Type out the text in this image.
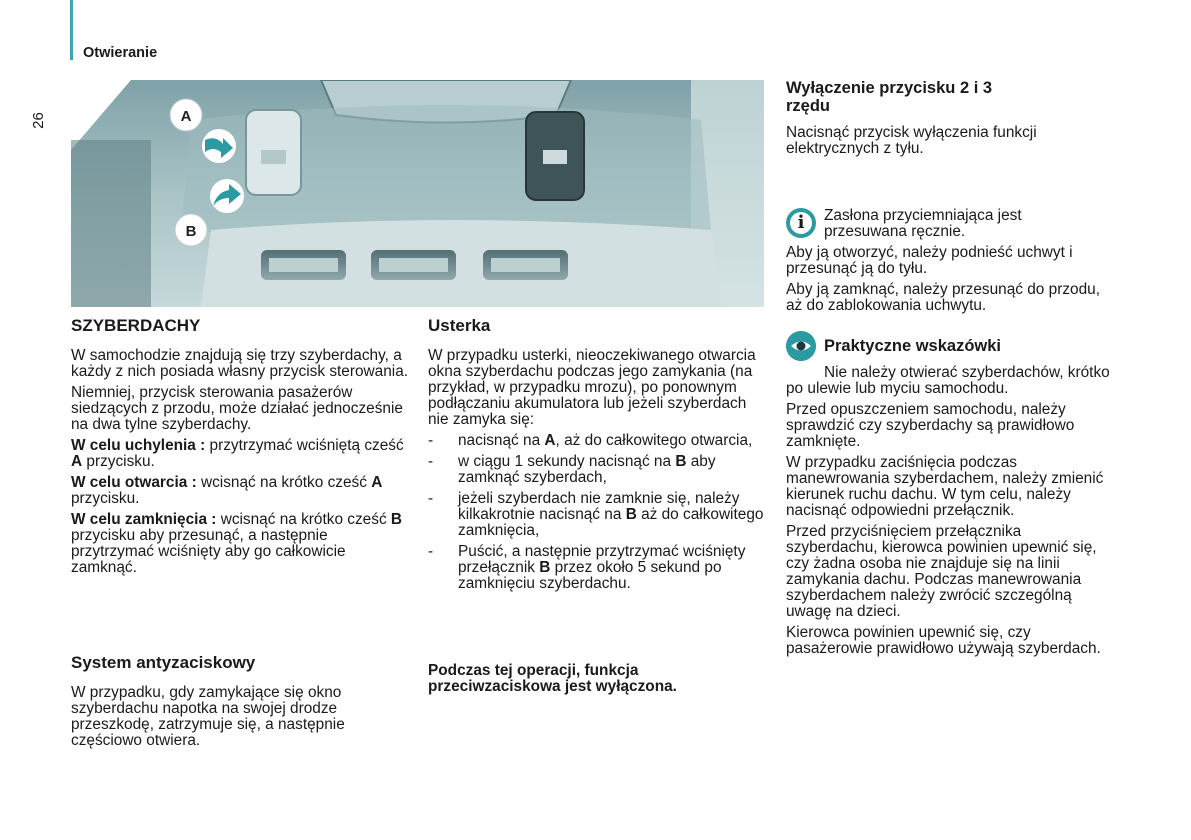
Otwieranie
26	A
B
SZYBERDACHY

W samochodzie znajdują się trzy szyberdachy, a każdy z nich posiada własny przycisk sterowania.

Niemniej, przycisk sterowania pasażerów siedzących z przodu, może działać jednocześnie na dwa tylne szyberdachy.

W celu uchylenia : przytrzymać wciśniętą cześć A przycisku.

W celu otwarcia : wcisnąć na krótko cześć A przycisku.

W celu zamknięcia : wcisnąć na krótko cześć B przycisku aby przesunąć, a następnie przytrzymać wciśnięty aby go całkowicie zamknąć.

System antyzaciskowy

W przypadku, gdy zamykające się okno szyberdachu napotka na swojej drodze przeszkodę, zatrzymuje się, a następnie częściowo otwiera.

Usterka

W przypadku usterki, nieoczekiwanego otwarcia okna szyberdachu podczas jego zamykania (na przykład, w przypadku mrozu), po ponownym podłączaniu akumulatora lub jeżeli szyberdach nie zamyka się:

- nacisnąć na A, aż do całkowitego otwarcia,
- w ciągu 1 sekundy nacisnąć na B aby zamknąć szyberdach,
- jeżeli szyberdach nie zamknie się, należy kilkakrotnie nacisnąć na B aż do całkowitego zamknięcia,
- Puścić, a następnie przytrzymać wciśnięty przełącznik B przez około 5 sekund po zamknięciu szyberdachu.

Podczas tej operacji, funkcja przeciwzaciskowa jest wyłączona.

Wyłączenie przycisku 2 i 3 rzędu

Nacisnąć przycisk wyłączenia funkcji elektrycznych z tyłu.

i	Zasłona przyciemniająca jest przesuwana ręcznie.

Aby ją otworzyć, należy podnieść uchwyt i przesunąć ją do tyłu.

Aby ją zamknąć, należy przesunąć do przodu, aż do zablokowania uchwytu.

Praktyczne wskazówki

Nie należy otwierać szyberdachów, krótko po ulewie lub myciu samochodu.

Przed opuszczeniem samochodu, należy sprawdzić czy szyberdachy są prawidłowo zamknięte.

W przypadku zaciśnięcia podczas manewrowania szyberdachem, należy zmienić kierunek ruchu dachu. W tym celu, należy nacisnąć odpowiedni przełącznik.

Przed przyciśnięciem przełącznika szyberdachu, kierowca powinien upewnić się, czy żadna osoba nie znajduje się na linii zamykania dachu. Podczas manewrowania szyberdachem należy zwrócić szczególną uwagę na dzieci.

Kierowca powinien upewnić się, czy pasażerowie prawidłowo używają szyberdach.
